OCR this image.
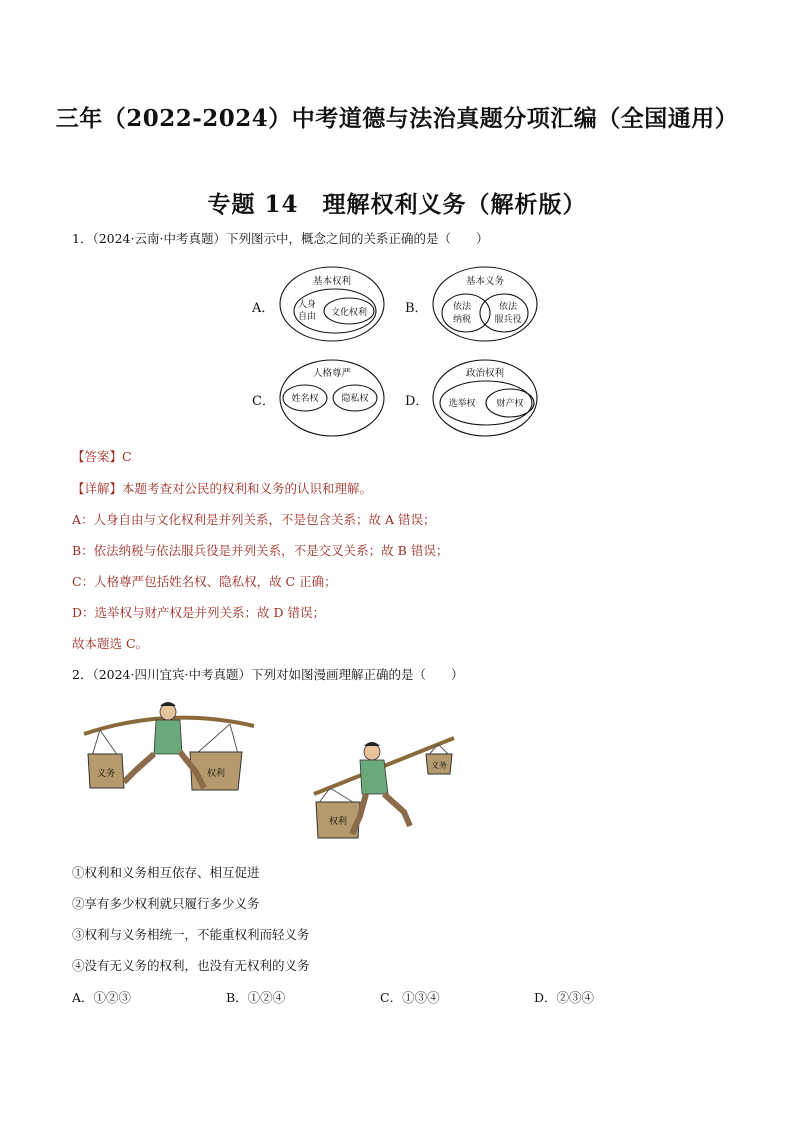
三年（2022-2024）中考道德与法治真题分项汇编（全国通用）
专题 14　理解权利义务（解析版）
1．（2024·云南·中考真题）下列图示中，概念之间的关系正确的是（　　）
A．
基本权利
人身
自由 文化权利	B．
基本义务
依法
纳税
依法
服兵役
C．
人格尊严
姓名权	隐私权	D．
政治权利
选举权 财产权
【答案】C
【详解】本题考查对公民的权利和义务的认识和理解。
A：人身自由与文化权利是并列关系，不是包含关系；故 A 错误；
B：依法纳税与依法服兵役是并列关系，不是交叉关系；故 B 错误；
C：人格尊严包括姓名权、隐私权，故 C 正确；
D：选举权与财产权是并列关系；故 D 错误；
故本题选 C。
2．（2024·四川宜宾·中考真题）下列对如图漫画理解正确的是（　　）
义务	权利
权利
义务
①权利和义务相互依存、相互促进
②享有多少权利就只履行多少义务
③权利与义务相统一，不能重权利而轻义务
④没有无义务的权利，也没有无权利的义务
A．①②③	B．①②④	C．①③④	D．②③④
